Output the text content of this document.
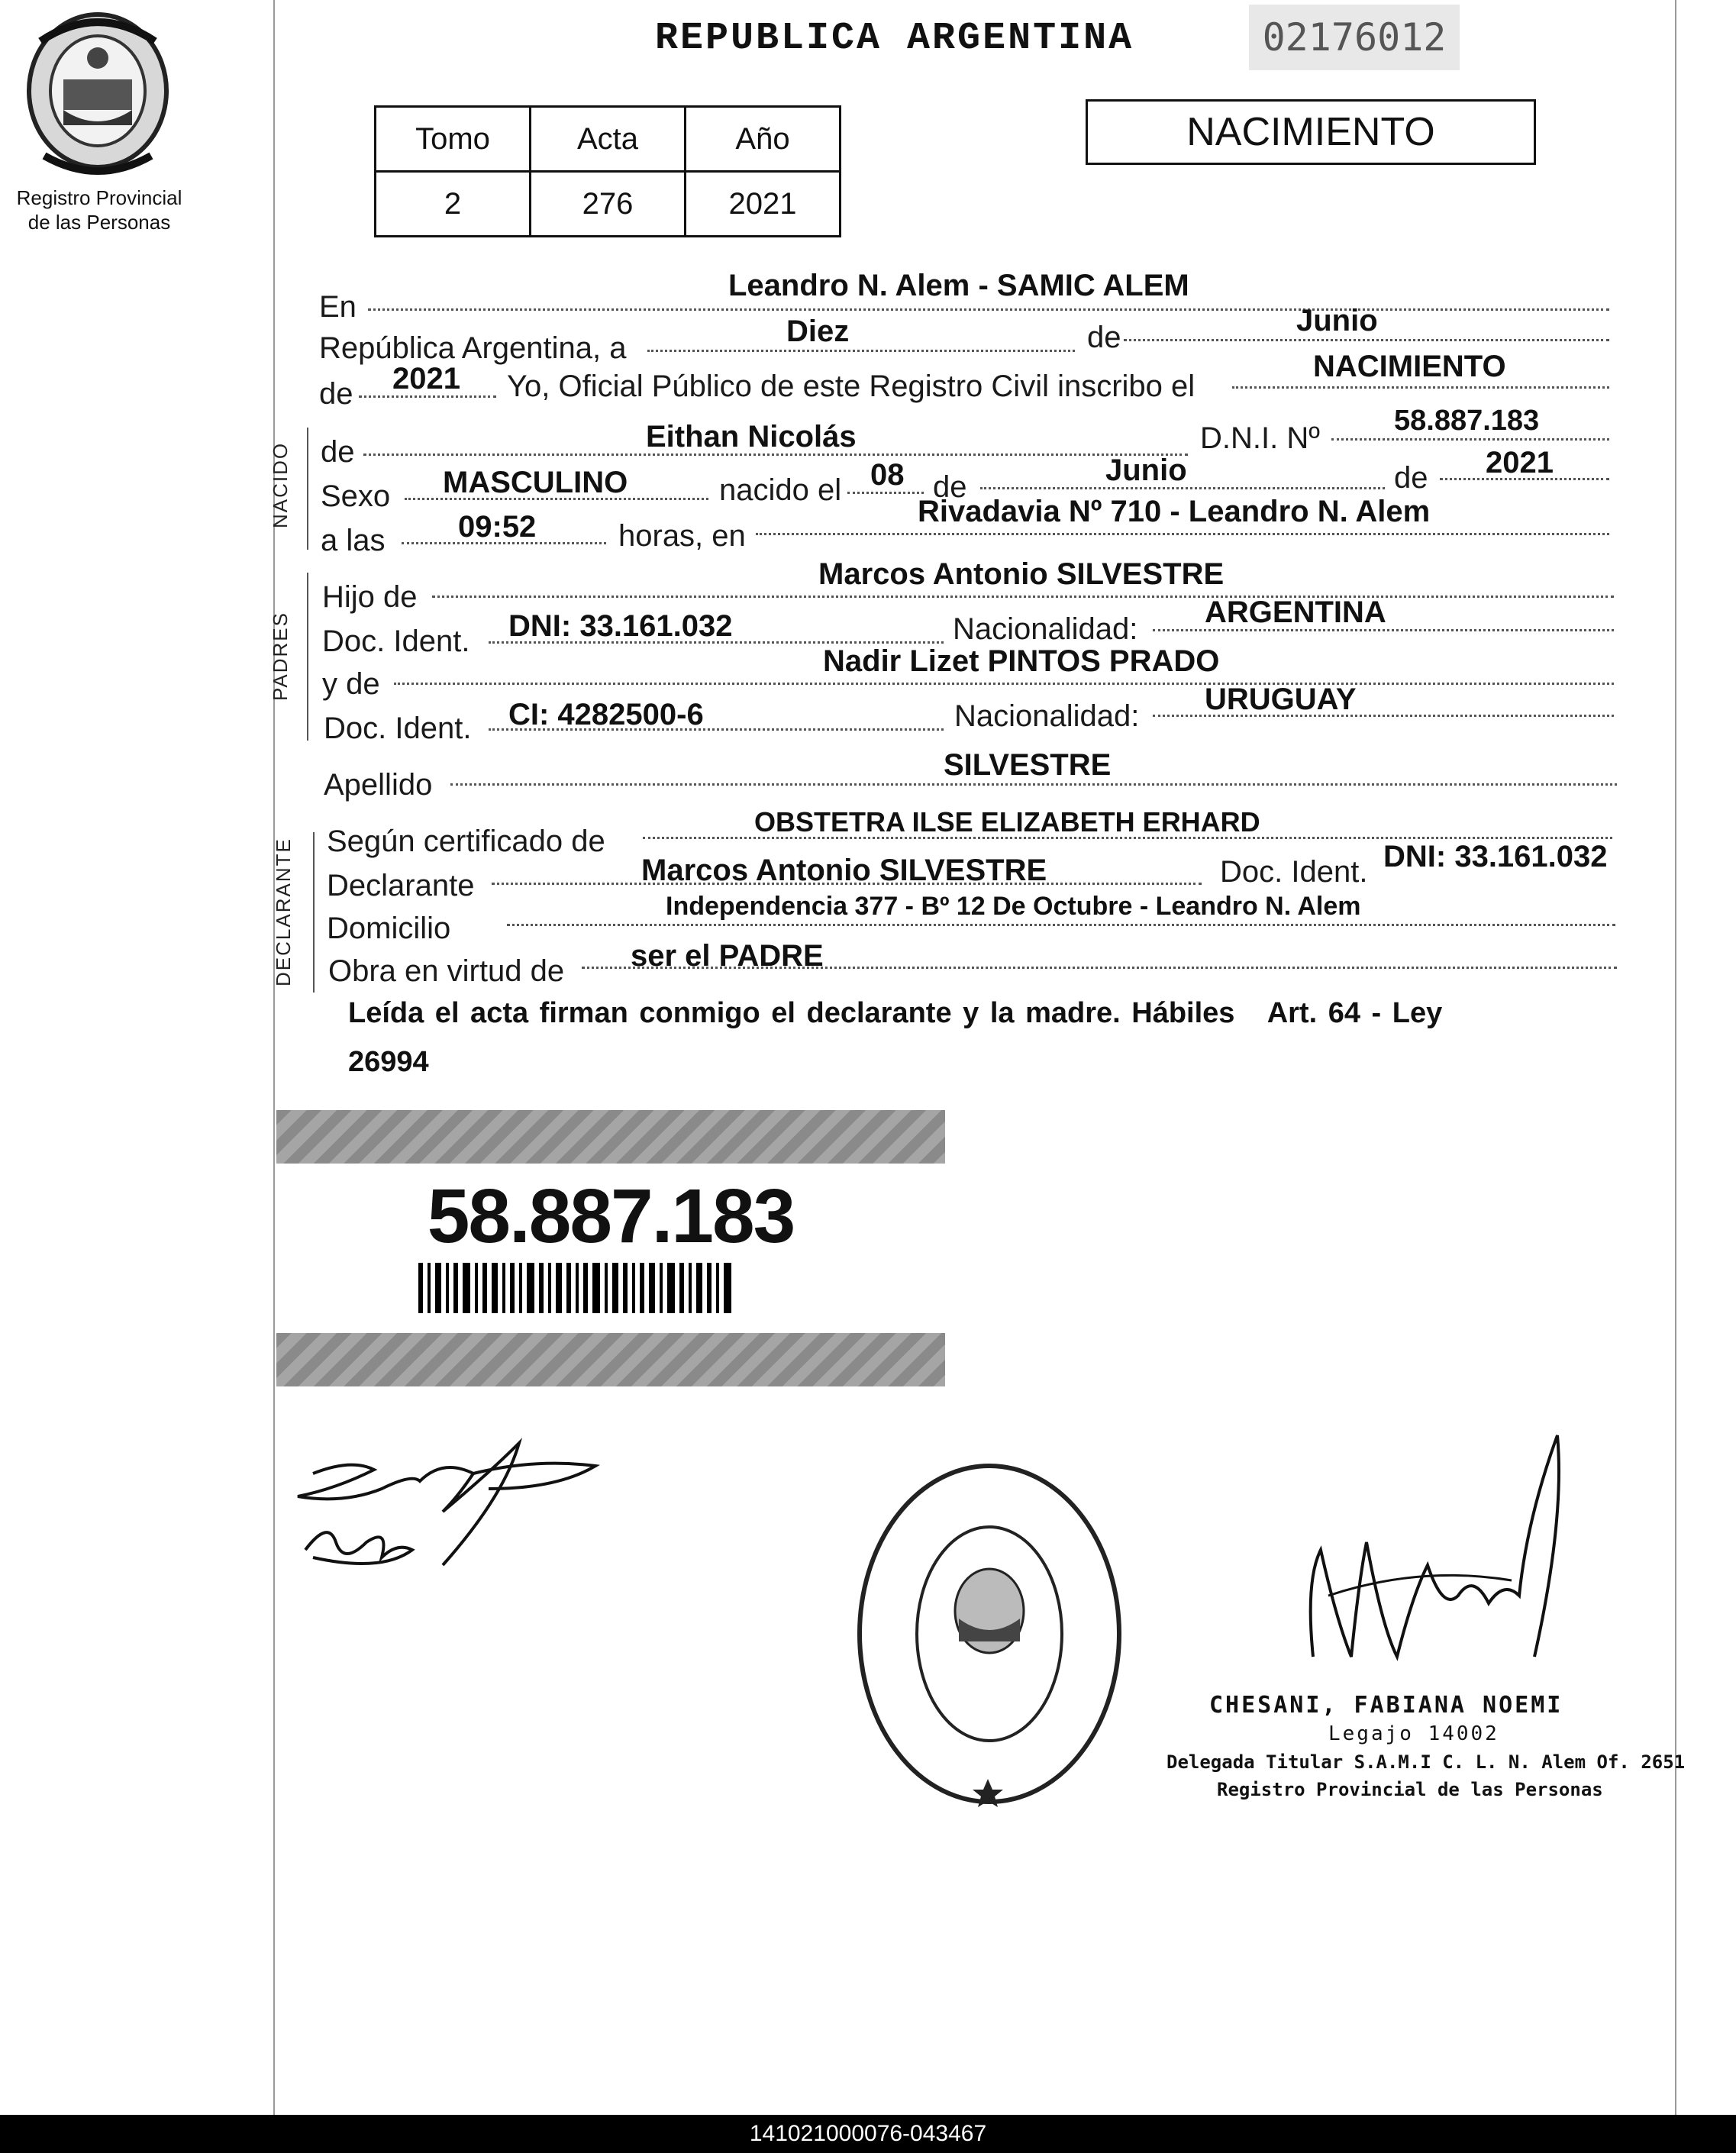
Registro Provincial
de las Personas
REPUBLICA ARGENTINA	02176012
Tomo	Acta	Año
2	276	2021
NACIMIENTO
En
Leandro N. Alem - SAMIC ALEM
República Argentina, a	Diez	de	Junio
de 2021 Yo, Oficial Público de este Registro Civil inscribo el
NACIMIENTO
NACIDO de	Eithan Nicolás	D.N.I. Nº
58.887.183
Sexo MASCULINO	nacido el 08 de	Junio	de 2021
a las 09:52	horas, en
Rivadavia Nº 710 - Leandro N. Alem
PADRES
Hijo de
Marcos Antonio SILVESTRE
Doc. Ident. DNI: 33.161.032	Nacionalidad: ARGENTINA
y de
Nadir Lizet PINTOS PRADO
Doc. Ident. CI: 4282500-6	Nacionalidad: URUGUAY
Apellido
SILVESTRE
DECLARANTE Según certificado de
OBSTETRA ILSE ELIZABETH ERHARD
Declarante	Marcos Antonio SILVESTRE	Doc. Ident. DNI: 33.161.032
Domicilio
Independencia 377 - Bº 12 De Octubre - Leandro N. Alem
Obra en virtud de ser el PADRE
Leída el acta firman conmigo el declarante y la madre. Hábiles   Art. 64 - Ley
26994
58.887.183
CHESANI, FABIANA NOEMI
Legajo 14002
Delegada Titular S.A.M.I C. L. N. Alem Of. 2651
Registro Provincial de las Personas
141021000076-043467
